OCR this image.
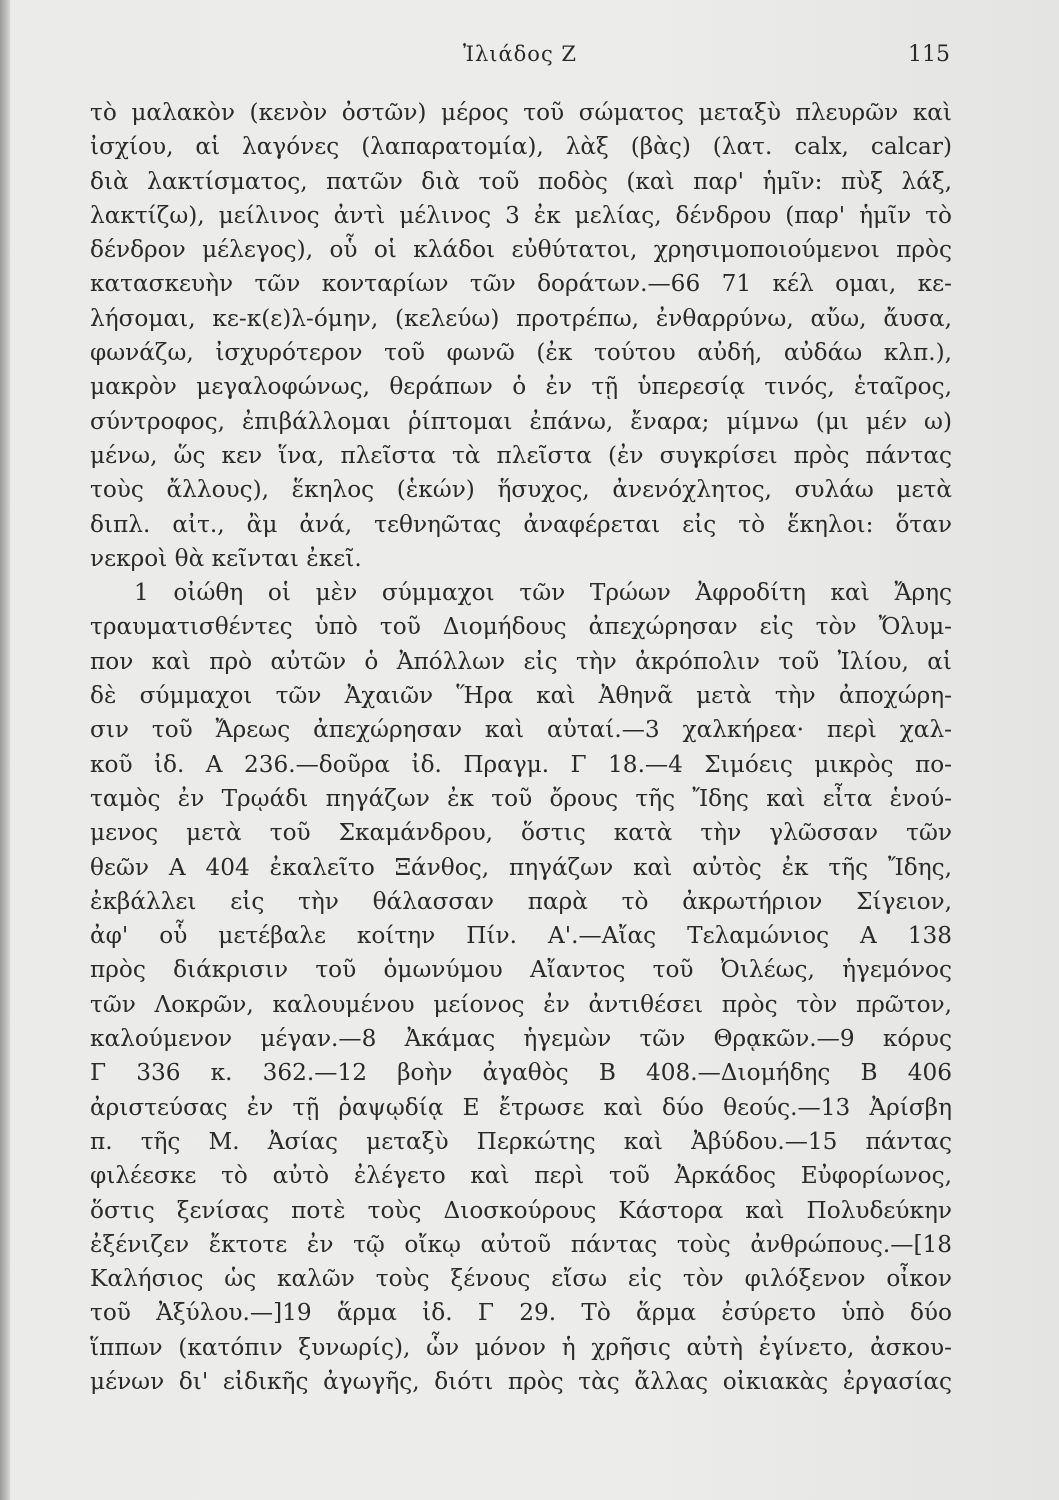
Ἰλιάδος Ζ	115
τὸ μαλακὸν (κενὸν ὀστῶν) μέρος τοῦ σώματος μεταξὺ πλευρῶν καὶ
ἰσχίου, αἱ λαγόνες (λαπαρατομία), λὰξ (βὰς) (λατ. calx, calcar)
διὰ λακτίσματος, πατῶν διὰ τοῦ ποδὸς (καὶ παρ' ἡμῖν: πὺξ λάξ,
λακτίζω), μείλινος ἀντὶ μέλινος 3 ἐκ μελίας, δένδρου (παρ' ἡμῖν τὸ
δένδρον μέλεγος), οὗ οἱ κλάδοι εὐθύτατοι, χρησιμοποιούμενοι πρὸς
κατασκευὴν τῶν κονταρίων τῶν δοράτων.—66 71 κέλ ομαι, κε-
λήσομαι, κε-κ(ε)λ-όμην, (κελεύω) προτρέπω, ἐνθαρρύνω, αὔω, ἄυσα,
φωνάζω, ἰσχυρότερον τοῦ φωνῶ (ἐκ τούτου αὐδή, αὐδάω κλπ.),
μακρὸν μεγαλοφώνως, θεράπων ὁ ἐν τῇ ὑπερεσίᾳ τινός, ἑταῖρος,
σύντροφος, ἐπιβάλλομαι ῥίπτομαι ἐπάνω, ἔναρα; μίμνω (μι μέν ω)
μένω, ὥς κεν ἵνα, πλεῖστα τὰ πλεῖστα (ἐν συγκρίσει πρὸς πάντας
τοὺς ἄλλους), ἕκηλος (ἑκών) ἥσυχος, ἀνενόχλητος, συλάω μετὰ
διπλ. αἰτ., ἂμ ἀνά, τεθνηῶτας ἀναφέρεται εἰς τὸ ἕκηλοι: ὅταν
νεκροὶ θὰ κεῖνται ἐκεῖ.
1 οἰώθη οἱ μὲν σύμμαχοι τῶν Τρώων Ἀφροδίτη καὶ Ἄρης
τραυματισθέντες ὑπὸ τοῦ Διομήδους ἀπεχώρησαν εἰς τὸν Ὄλυμ-
πον καὶ πρὸ αὐτῶν ὁ Ἀπόλλων εἰς τὴν ἀκρόπολιν τοῦ Ἰλίου, αἱ
δὲ σύμμαχοι τῶν Ἀχαιῶν Ἥρα καὶ Ἀθηνᾶ μετὰ τὴν ἀποχώρη-
σιν τοῦ Ἄρεως ἀπεχώρησαν καὶ αὐταί.—3 χαλκήρεα· περὶ χαλ-
κοῦ ἰδ. Α 236.—δοῦρα ἰδ. Πραγμ. Γ 18.—4 Σιμόεις μικρὸς πο-
ταμὸς ἐν Τρῳάδι πηγάζων ἐκ τοῦ ὄρους τῆς Ἴδης καὶ εἶτα ἑνού-
μενος μετὰ τοῦ Σκαμάνδρου, ὅστις κατὰ τὴν γλῶσσαν τῶν
θεῶν Α 404 ἐκαλεῖτο Ξάνθος, πηγάζων καὶ αὐτὸς ἐκ τῆς Ἴδης,
ἐκβάλλει εἰς τὴν θάλασσαν παρὰ τὸ ἀκρωτήριον Σίγειον,
ἀφ' οὗ μετέβαλε κοίτην Πίν. Α'.—Αἴας Τελαμώνιος Α 138
πρὸς διάκρισιν τοῦ ὁμωνύμου Αἴαντος τοῦ Ὀιλέως, ἡγεμόνος
τῶν Λοκρῶν, καλουμένου μείονος ἐν ἀντιθέσει πρὸς τὸν πρῶτον,
καλούμενον μέγαν.—8 Ἀκάμας ἡγεμὼν τῶν Θρᾳκῶν.—9 κόρυς
Γ 336 κ. 362.—12 βοὴν ἀγαθὸς Β 408.—Διομήδης Β 406
ἀριστεύσας ἐν τῇ ῥαψῳδίᾳ Ε ἔτρωσε καὶ δύο θεούς.—13 Ἀρίσβη
π. τῆς Μ. Ἀσίας μεταξὺ Περκώτης καὶ Ἀβύδου.—15 πάντας
φιλέεσκε τὸ αὐτὸ ἐλέγετο καὶ περὶ τοῦ Ἀρκάδος Εὐφορίωνος,
ὅστις ξενίσας ποτὲ τοὺς Διοσκούρους Κάστορα καὶ Πολυδεύκην
ἐξένιζεν ἔκτοτε ἐν τῷ οἴκῳ αὐτοῦ πάντας τοὺς ἀνθρώπους.—[18
Καλήσιος ὡς καλῶν τοὺς ξένους εἴσω εἰς τὸν φιλόξενον οἶκον
τοῦ Ἀξύλου.—]19 ἅρμα ἰδ. Γ 29. Τὸ ἅρμα ἐσύρετο ὑπὸ δύο
ἵππων (κατόπιν ξυνωρίς), ὧν μόνον ἡ χρῆσις αὐτὴ ἐγίνετο, ἀσκου-
μένων δι' εἰδικῆς ἀγωγῆς, διότι πρὸς τὰς ἄλλας οἰκιακὰς ἐργασίας
